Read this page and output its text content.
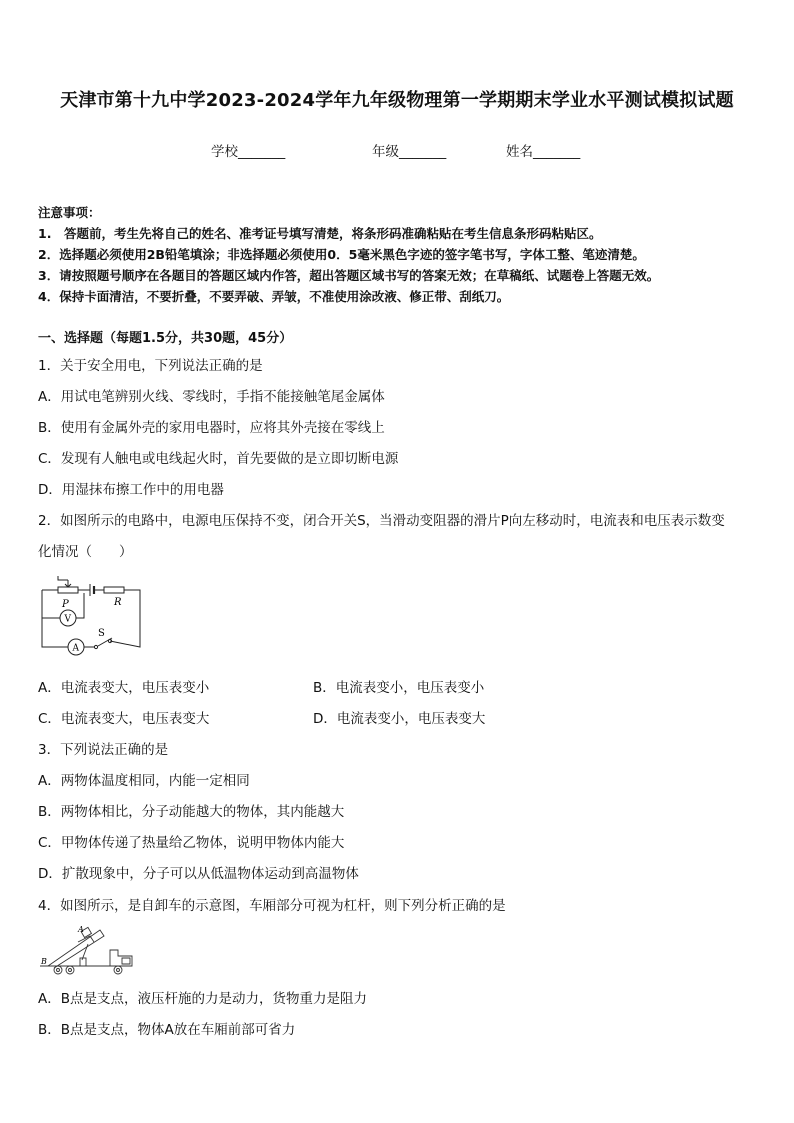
天津市第十九中学2023-2024学年九年级物理第一学期期末学业水平测试模拟试题
学校_______	年级_______	姓名_______
注意事项：
1.　答题前，考生先将自己的姓名、准考证号填写清楚，将条形码准确粘贴在考生信息条形码粘贴区。
2．选择题必须使用2B铅笔填涂；非选择题必须使用0．5毫米黑色字迹的签字笔书写，字体工整、笔迹清楚。
3．请按照题号顺序在各题目的答题区域内作答，超出答题区域书写的答案无效；在草稿纸、试题卷上答题无效。
4．保持卡面清洁，不要折叠，不要弄破、弄皱，不准使用涂改液、修正带、刮纸刀。
一、选择题（每题1.5分，共30题，45分）
1．关于安全用电，下列说法正确的是
A．用试电笔辨别火线、零线时，手指不能接触笔尾金属体
B．使用有金属外壳的家用电器时，应将其外壳接在零线上
C．发现有人触电或电线起火时，首先要做的是立即切断电源
D．用湿抹布擦工作中的用电器
2．如图所示的电路中，电源电压保持不变，闭合开关S，当滑动变阻器的滑片P向左移动时，电流表和电压表示数变
化情况（　　）
P	R
V
A
S
A．电流表变大，电压表变小	B．电流表变小，电压表变小
C．电流表变大，电压表变大	D．电流表变小，电压表变大
3．下列说法正确的是
A．两物体温度相同，内能一定相同
B．两物体相比，分子动能越大的物体，其内能越大
C．甲物体传递了热量给乙物体，说明甲物体内能大
D．扩散现象中，分子可以从低温物体运动到高温物体
4．如图所示，是自卸车的示意图，车厢部分可视为杠杆，则下列分析正确的是
A
B
A．B点是支点，液压杆施的力是动力，货物重力是阻力
B．B点是支点，物体A放在车厢前部可省力
